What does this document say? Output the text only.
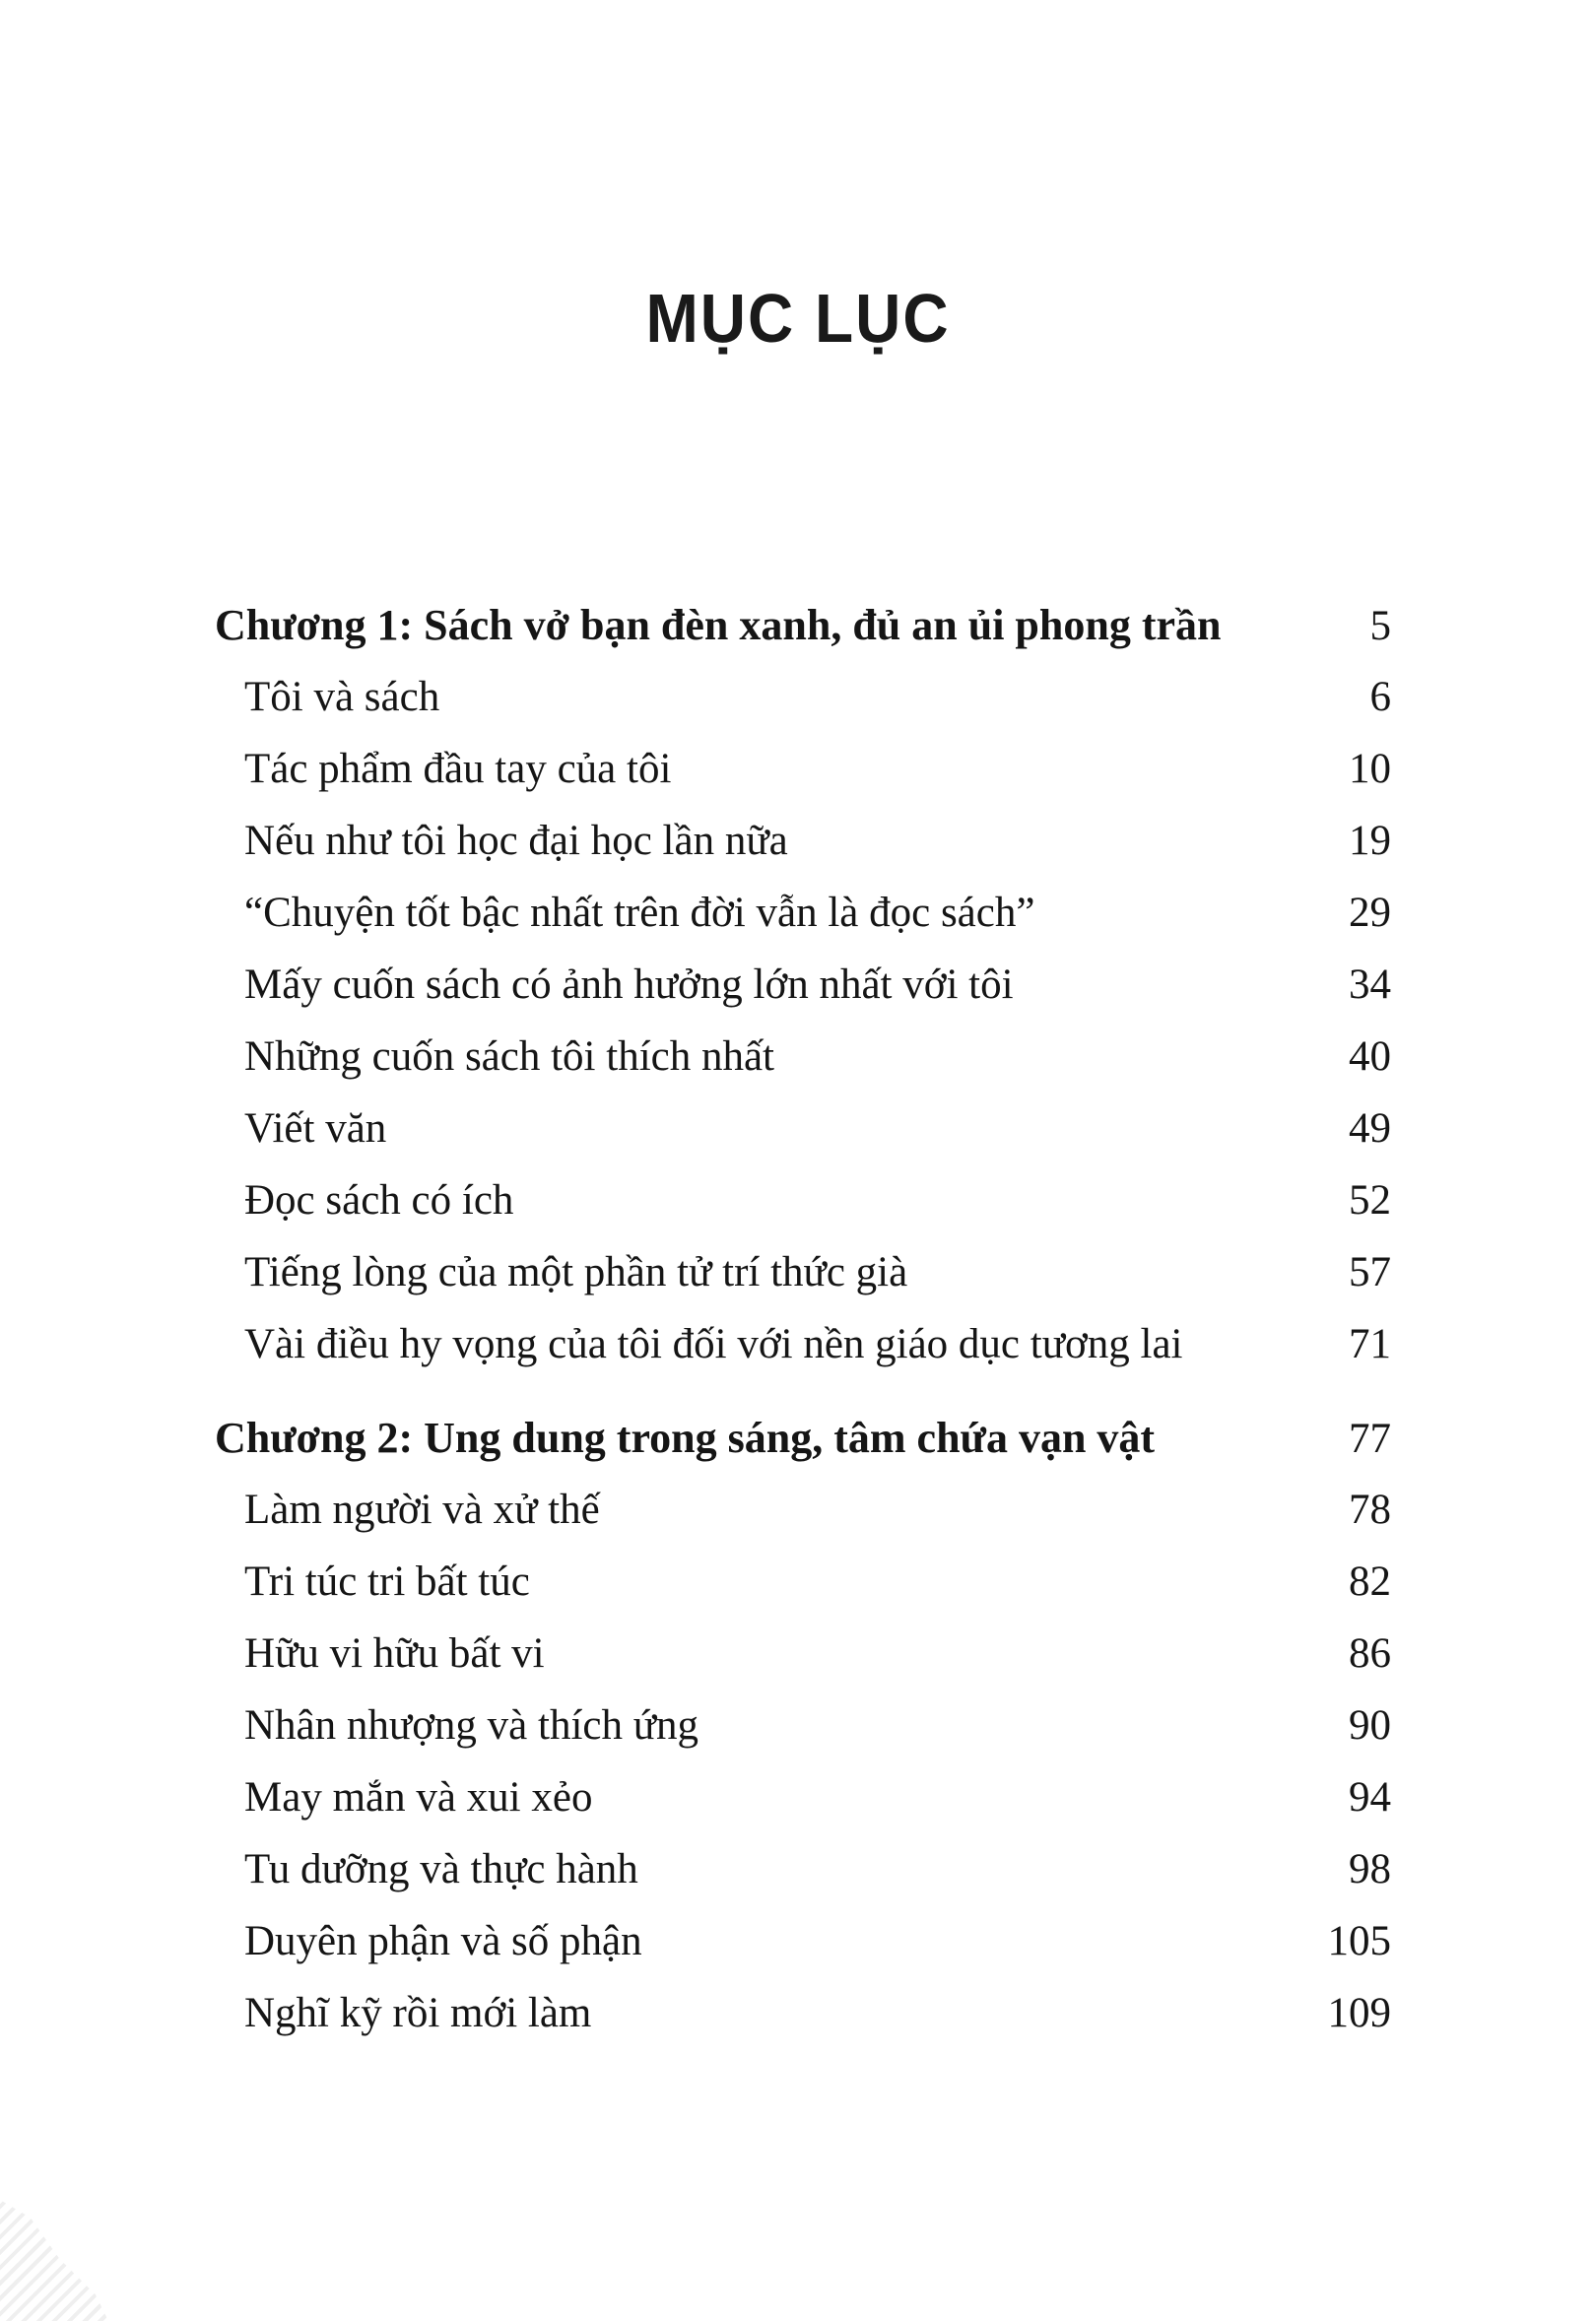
MỤC LỤC
Chương 1: Sách vở bạn đèn xanh, đủ an ủi phong trần	5
Tôi và sách	6
Tác phẩm đầu tay của tôi	10
Nếu như tôi học đại học lần nữa	19
“Chuyện tốt bậc nhất trên đời vẫn là đọc sách”	29
Mấy cuốn sách có ảnh hưởng lớn nhất với tôi	34
Những cuốn sách tôi thích nhất	40
Viết văn	49
Đọc sách có ích	52
Tiếng lòng của một phần tử trí thức già	57
Vài điều hy vọng của tôi đối với nền giáo dục tương lai	71
Chương 2: Ung dung trong sáng, tâm chứa vạn vật	77
Làm người và xử thế	78
Tri túc tri bất túc	82
Hữu vi hữu bất vi	86
Nhân nhượng và thích ứng	90
May mắn và xui xẻo	94
Tu dưỡng và thực hành	98
Duyên phận và số phận	105
Nghĩ kỹ rồi mới làm	109
